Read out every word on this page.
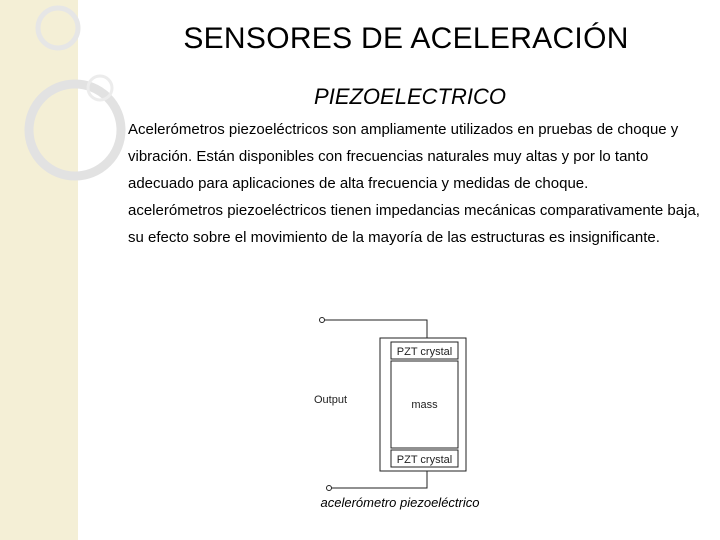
SENSORES DE ACELERACIÓN
PIEZOELECTRICO

Acelerómetros piezoeléctricos son ampliamente utilizados en pruebas de choque y vibración. Están disponibles con frecuencias naturales muy altas y por lo tanto adecuado para aplicaciones de alta frecuencia y medidas de choque.

acelerómetros piezoeléctricos tienen impedancias mecánicas comparativamente baja, su efecto sobre el movimiento de la mayoría de las estructuras es insignificante.

Output
PZT crystal
mass
PZT crystal
acelerómetro piezoeléctrico
